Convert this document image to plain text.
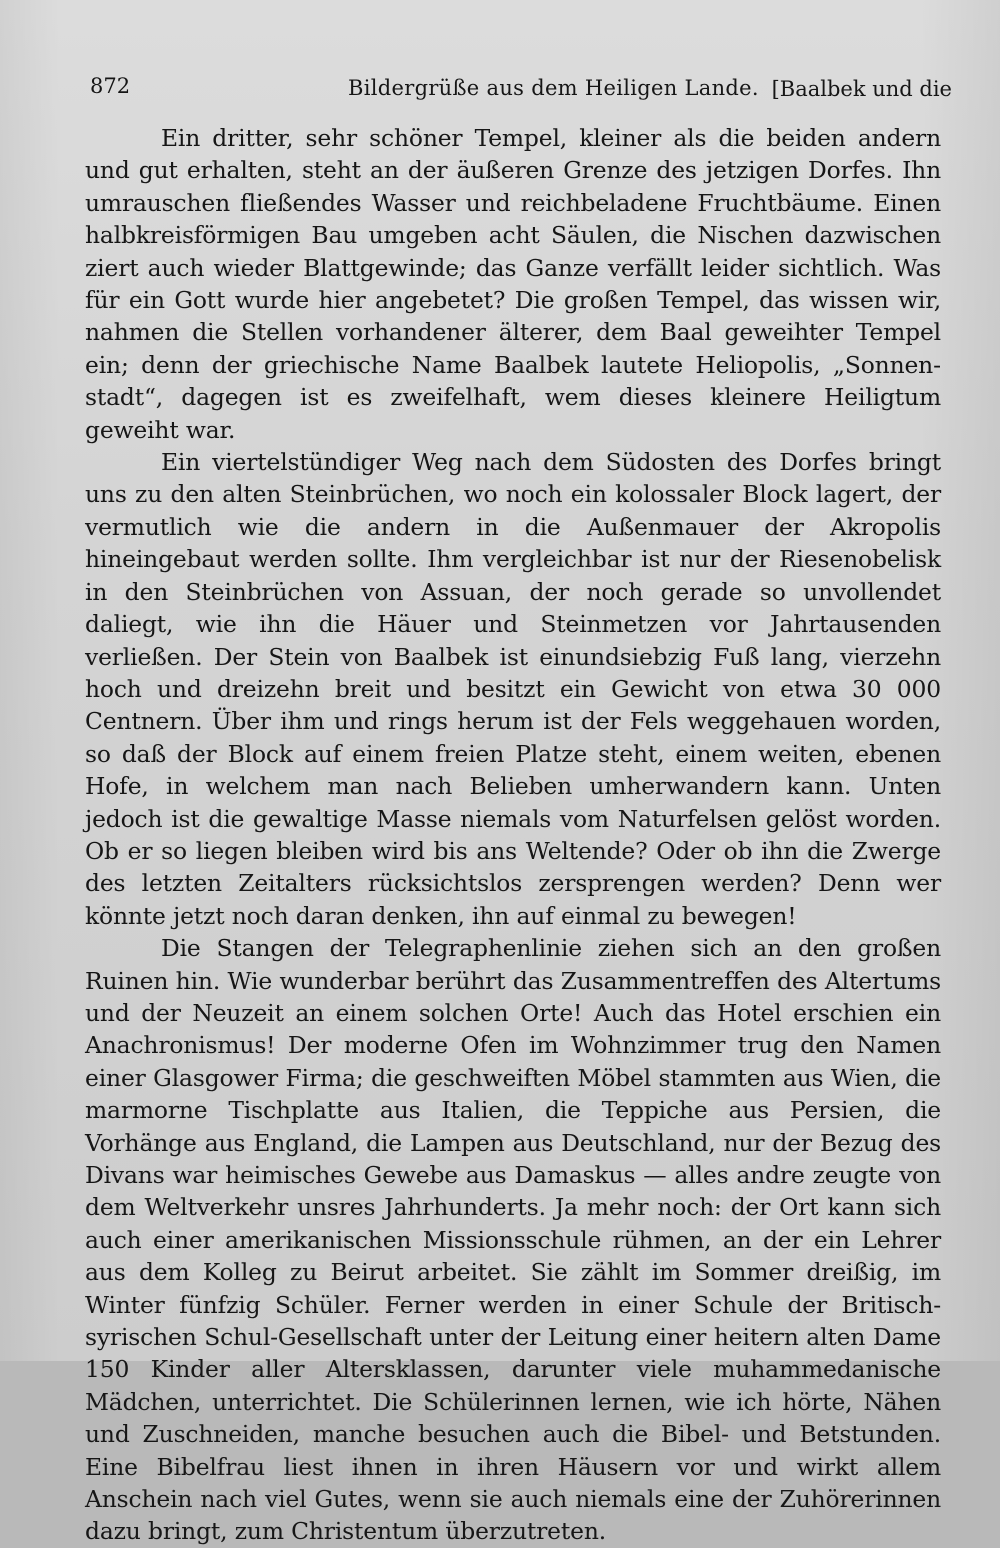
872	Bildergrüße aus dem Heiligen Lande. [Baalbek und die

Ein dritter, sehr schöner Tempel, kleiner als die beiden andern und gut erhalten, steht an der äußeren Grenze des jetzigen Dorfes. Ihn umrauschen fließendes Wasser und reichbeladene Fruchtbäume. Einen halbkreisförmigen Bau umgeben acht Säulen, die Nischen dazwischen ziert auch wieder Blattgewinde; das Ganze verfällt leider sichtlich. Was für ein Gott wurde hier angebetet? Die großen Tempel, das wissen wir, nahmen die Stellen vorhandener älterer, dem Baal geweihter Tempel ein; denn der griechische Name Baalbek lautete Heliopolis, „Sonnenstadt“, dagegen ist es zweifelhaft, wem dieses kleinere Heiligtum geweiht war.

Ein viertelstündiger Weg nach dem Südosten des Dorfes bringt uns zu den alten Steinbrüchen, wo noch ein kolossaler Block lagert, der vermutlich wie die andern in die Außenmauer der Akropolis hineingebaut werden sollte. Ihm vergleichbar ist nur der Riesenobelisk in den Steinbrüchen von Assuan, der noch gerade so unvollendet daliegt, wie ihn die Häuer und Steinmetzen vor Jahrtausenden verließen. Der Stein von Baalbek ist einundsiebzig Fuß lang, vierzehn hoch und dreizehn breit und besitzt ein Gewicht von etwa 30 000 Centnern. Über ihm und rings herum ist der Fels weggehauen worden, so daß der Block auf einem freien Platze steht, einem weiten, ebenen Hofe, in welchem man nach Belieben umherwandern kann. Unten jedoch ist die gewaltige Masse niemals vom Naturfelsen gelöst worden. Ob er so liegen bleiben wird bis ans Weltende? Oder ob ihn die Zwerge des letzten Zeitalters rücksichtslos zersprengen werden? Denn wer könnte jetzt noch daran denken, ihn auf einmal zu bewegen!

Die Stangen der Telegraphenlinie ziehen sich an den großen Ruinen hin. Wie wunderbar berührt das Zusammentreffen des Altertums und der Neuzeit an einem solchen Orte! Auch das Hotel erschien ein Anachronismus! Der moderne Ofen im Wohnzimmer trug den Namen einer Glasgower Firma; die geschweiften Möbel stammten aus Wien, die marmorne Tischplatte aus Italien, die Teppiche aus Persien, die Vorhänge aus England, die Lampen aus Deutschland, nur der Bezug des Divans war heimisches Gewebe aus Damaskus — alles andre zeugte von dem Weltverkehr unsres Jahrhunderts. Ja mehr noch: der Ort kann sich auch einer amerikanischen Missionsschule rühmen, an der ein Lehrer aus dem Kolleg zu Beirut arbeitet. Sie zählt im Sommer dreißig, im Winter fünfzig Schüler. Ferner werden in einer Schule der Britisch-syrischen Schul-Gesellschaft unter der Leitung einer heitern alten Dame 150 Kinder aller Altersklassen, darunter viele muhammedanische Mädchen, unterrichtet. Die Schülerinnen lernen, wie ich hörte, Nähen und Zuschneiden, manche besuchen auch die Bibel- und Betstunden. Eine Bibelfrau liest ihnen in ihren Häusern vor und wirkt allem Anschein nach viel Gutes, wenn sie auch niemals eine der Zuhörerinnen dazu bringt, zum Christentum überzutreten.
